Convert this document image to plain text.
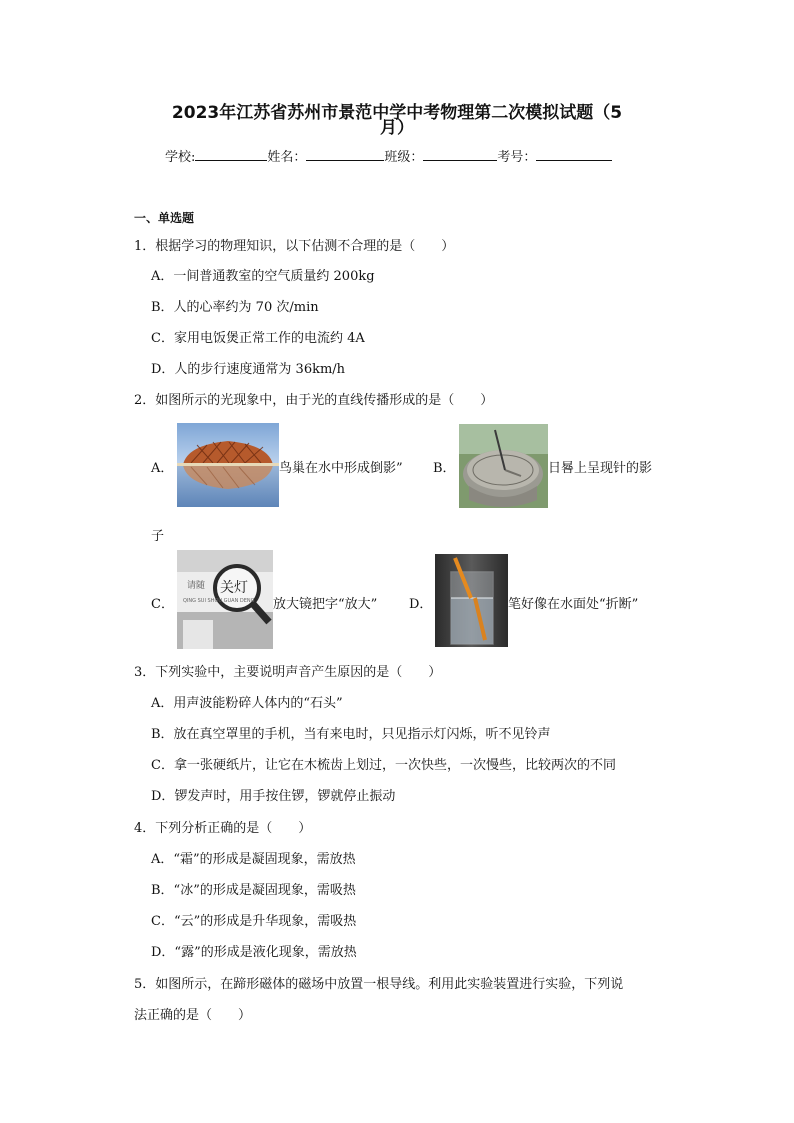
2023年江苏省苏州市景范中学中考物理第二次模拟试题（5
月）
学校:	姓名：	班级：	考号：
一、单选题
1．根据学习的物理知识，以下估测不合理的是（　　）
A．一间普通教室的空气质量约 200kg
B．人的心率约为 70 次/min
C．家用电饭煲正常工作的电流约 4A
D．人的步行速度通常为 36km/h
2．如图所示的光现象中，由于光的直线传播形成的是（　　）
A．	鸟巢在水中形成倒影” B．	日晷上呈现针的影
子
C．
请随
QING SUI SHOU GUAN DENG
关灯
放大镜把字“放大” D．	笔好像在水面处“折断”
3．下列实验中，主要说明声音产生原因的是（　　）
A．用声波能粉碎人体内的“石头”
B．放在真空罩里的手机，当有来电时，只见指示灯闪烁，听不见铃声
C．拿一张硬纸片，让它在木梳齿上划过，一次快些，一次慢些，比较两次的不同
D．锣发声时，用手按住锣，锣就停止振动
4．下列分析正确的是（　　）
A．“霜”的形成是凝固现象，需放热
B．“冰”的形成是凝固现象，需吸热
C．“云”的形成是升华现象，需吸热
D．“露”的形成是液化现象，需放热
5．如图所示，在蹄形磁体的磁场中放置一根导线。利用此实验装置进行实验，下列说
法正确的是（　　）
